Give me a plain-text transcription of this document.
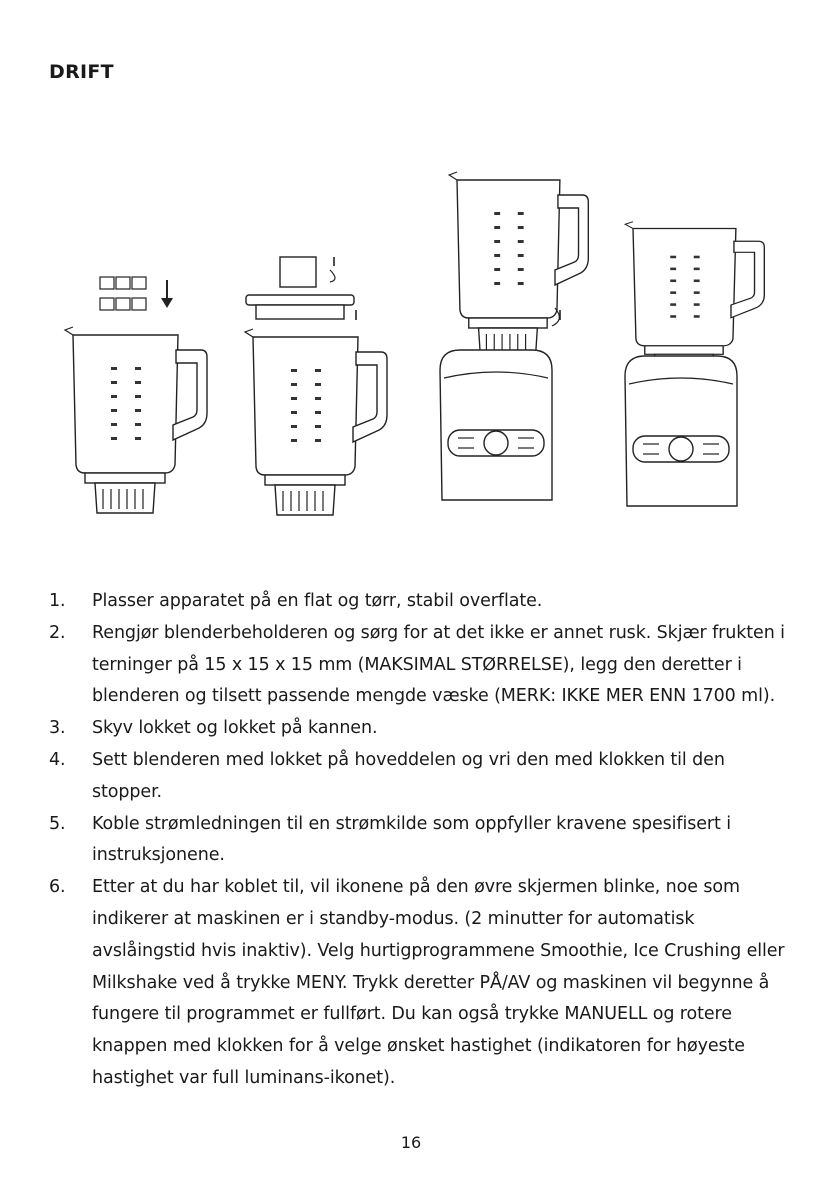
DRIFT
1. Plasser apparatet på en flat og tørr, stabil overflate.
2. Rengjør blenderbeholderen og sørg for at det ikke er annet rusk. Skjær frukten i terninger på 15 x 15 x 15 mm (MAKSIMAL STØRRELSE), legg den deretter i blenderen og tilsett passende mengde væske (MERK: IKKE MER ENN 1700 ml).
3. Skyv lokket og lokket på kannen.
4. Sett blenderen med lokket på hoveddelen og vri den med klokken til den stopper.
5. Koble strømledningen til en strømkilde som oppfyller kravene spesifisert i instruksjonene.
6. Etter at du har koblet til, vil ikonene på den øvre skjermen blinke, noe som indikerer at maskinen er i standby-modus. (2 minutter for automatisk avslåingstid hvis inaktiv). Velg hurtigprogrammene Smoothie, Ice Crushing eller Milkshake ved å trykke MENY. Trykk deretter PÅ/AV og maskinen vil begynne å fungere til programmet er fullført. Du kan også trykke MANUELL og rotere knappen med klokken for å velge ønsket hastighet (indikatoren for høyeste hastighet var full luminans-ikonet).
16
